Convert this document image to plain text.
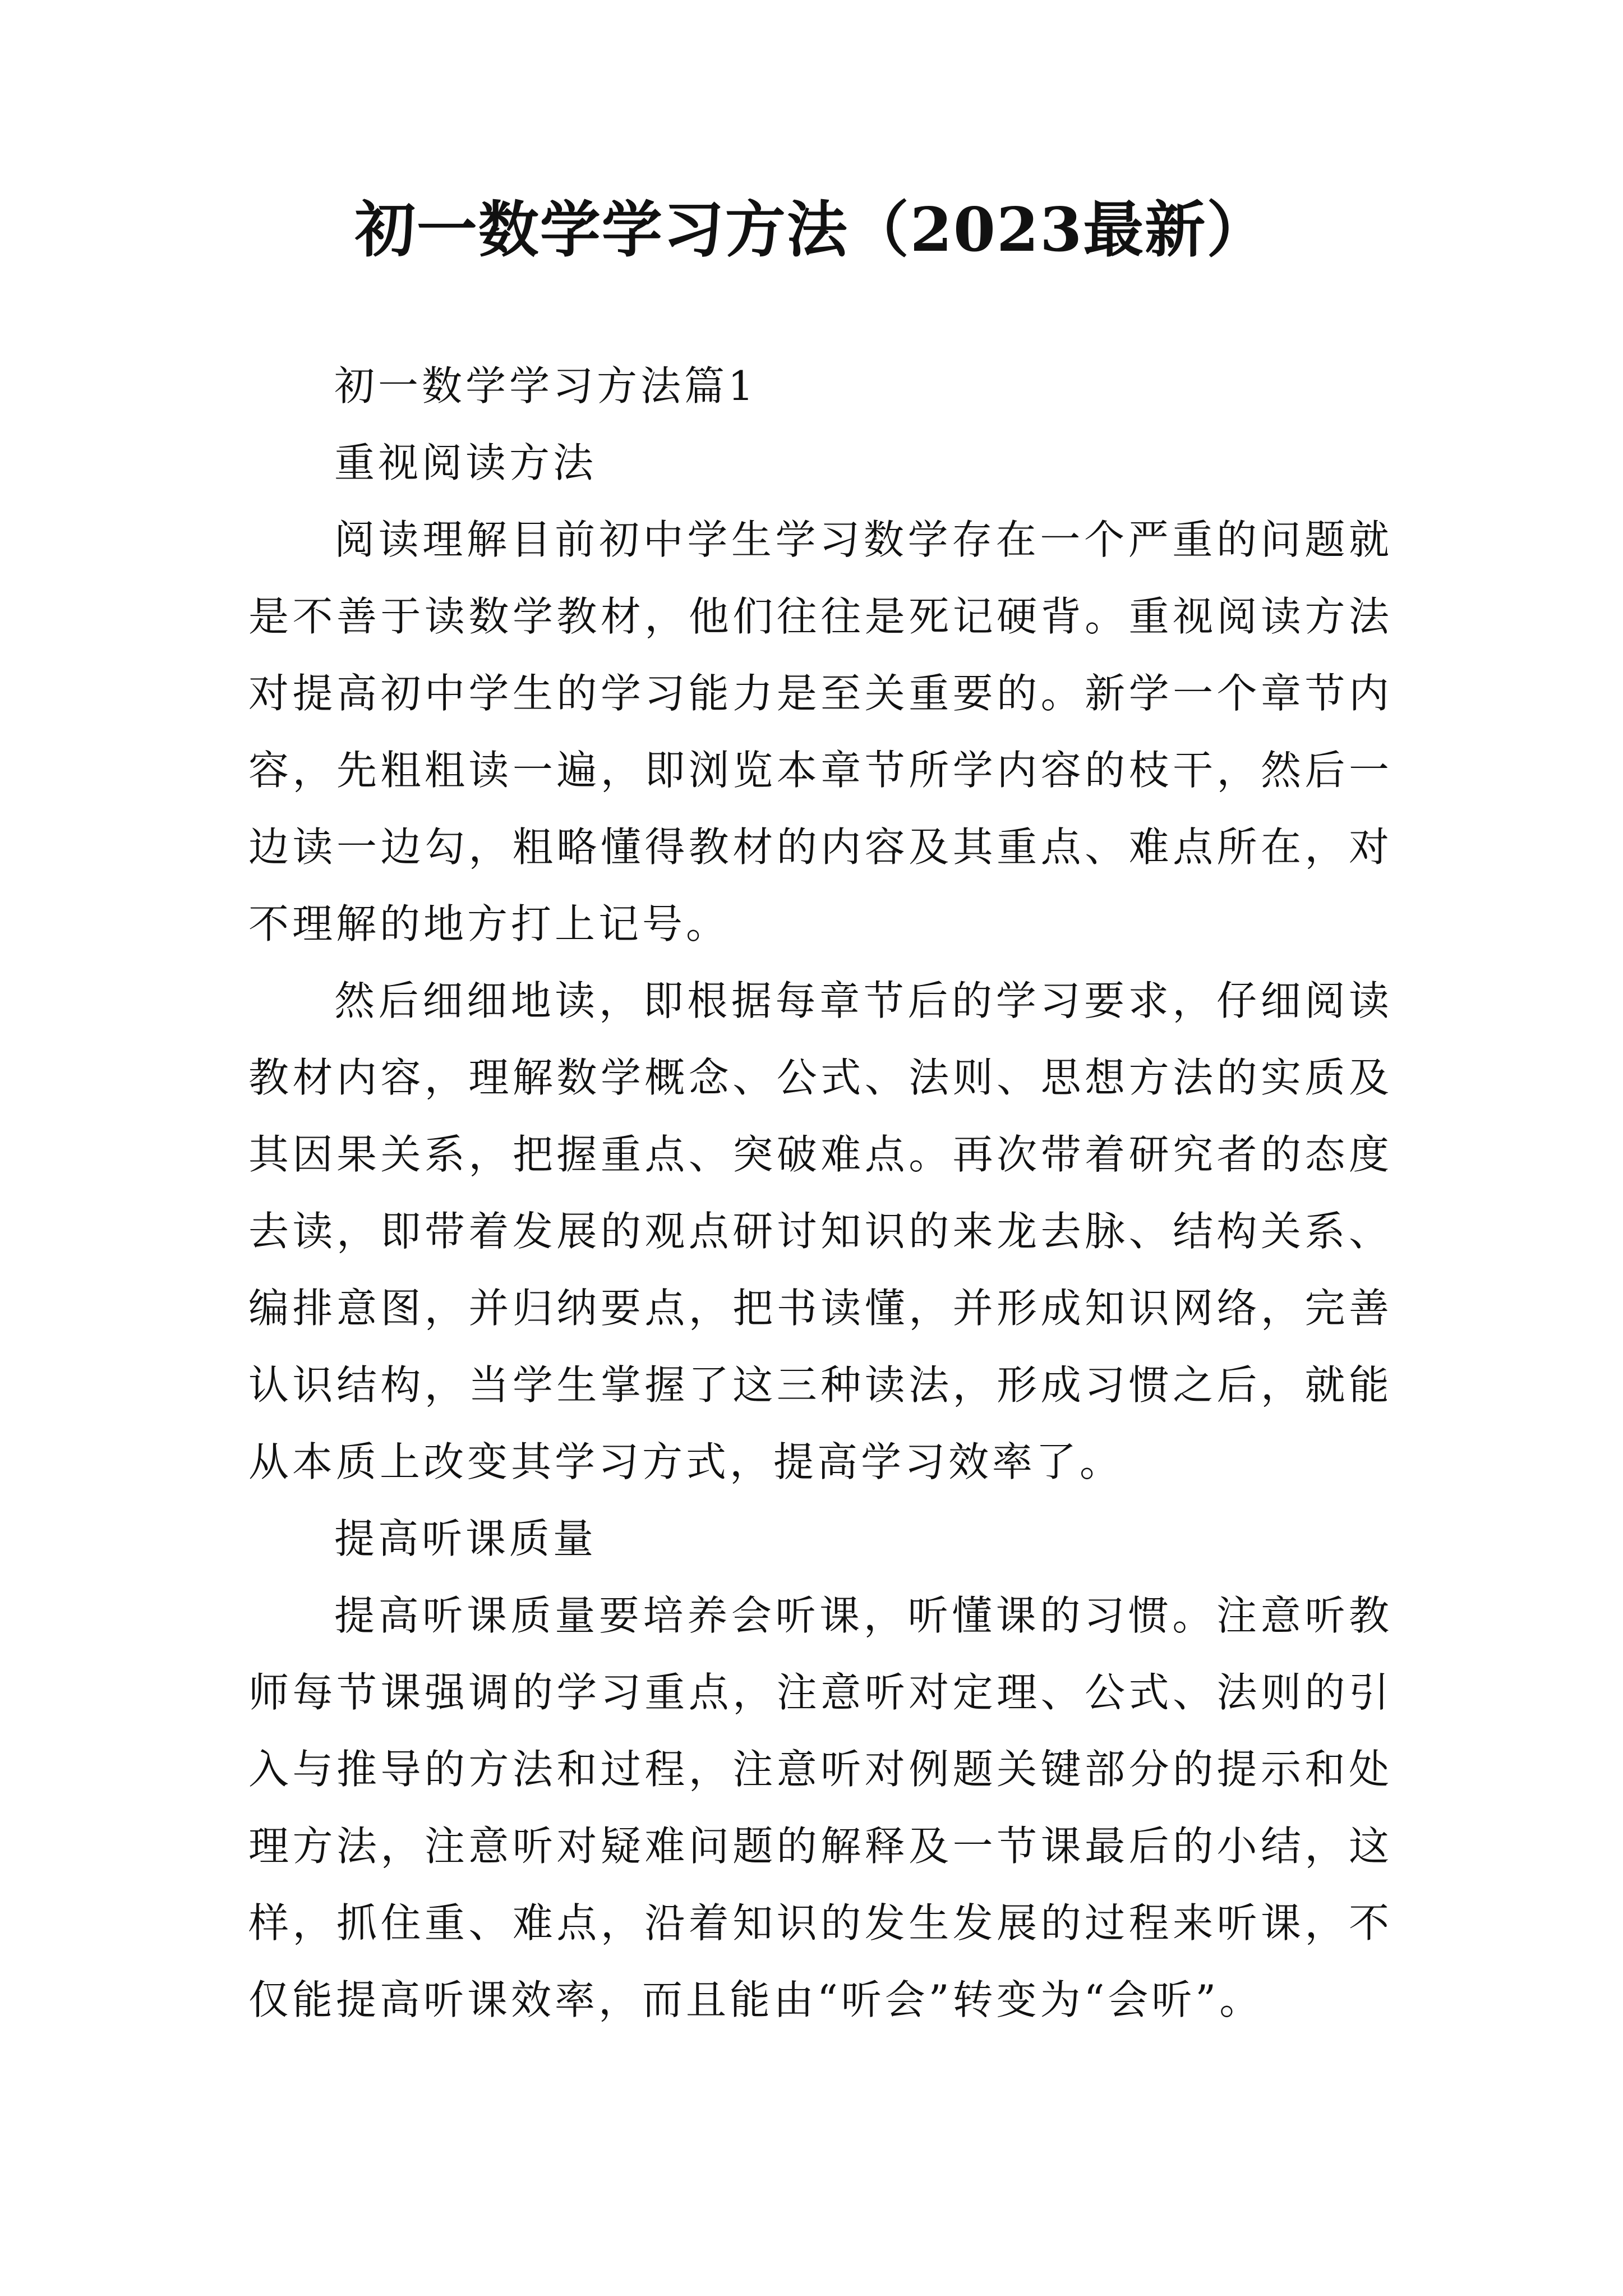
初一数学学习方法（2023最新）

初一数学学习方法篇1

重视阅读方法

阅读理解目前初中学生学习数学存在一个严重的问题就是不善于读数学教材，他们往往是死记硬背。重视阅读方法对提高初中学生的学习能力是至关重要的。新学一个章节内容，先粗粗读一遍，即浏览本章节所学内容的枝干，然后一边读一边勾，粗略懂得教材的内容及其重点、难点所在，对不理解的地方打上记号。

然后细细地读，即根据每章节后的学习要求，仔细阅读教材内容，理解数学概念、公式、法则、思想方法的实质及其因果关系，把握重点、突破难点。再次带着研究者的态度去读，即带着发展的观点研讨知识的来龙去脉、结构关系、编排意图，并归纳要点，把书读懂，并形成知识网络，完善认识结构，当学生掌握了这三种读法，形成习惯之后，就能从本质上改变其学习方式，提高学习效率了。

提高听课质量

提高听课质量要培养会听课，听懂课的习惯。注意听教师每节课强调的学习重点，注意听对定理、公式、法则的引入与推导的方法和过程，注意听对例题关键部分的提示和处理方法，注意听对疑难问题的解释及一节课最后的小结，这样，抓住重、难点，沿着知识的发生发展的过程来听课，不仅能提高听课效率，而且能由“听会”转变为“会听”。
